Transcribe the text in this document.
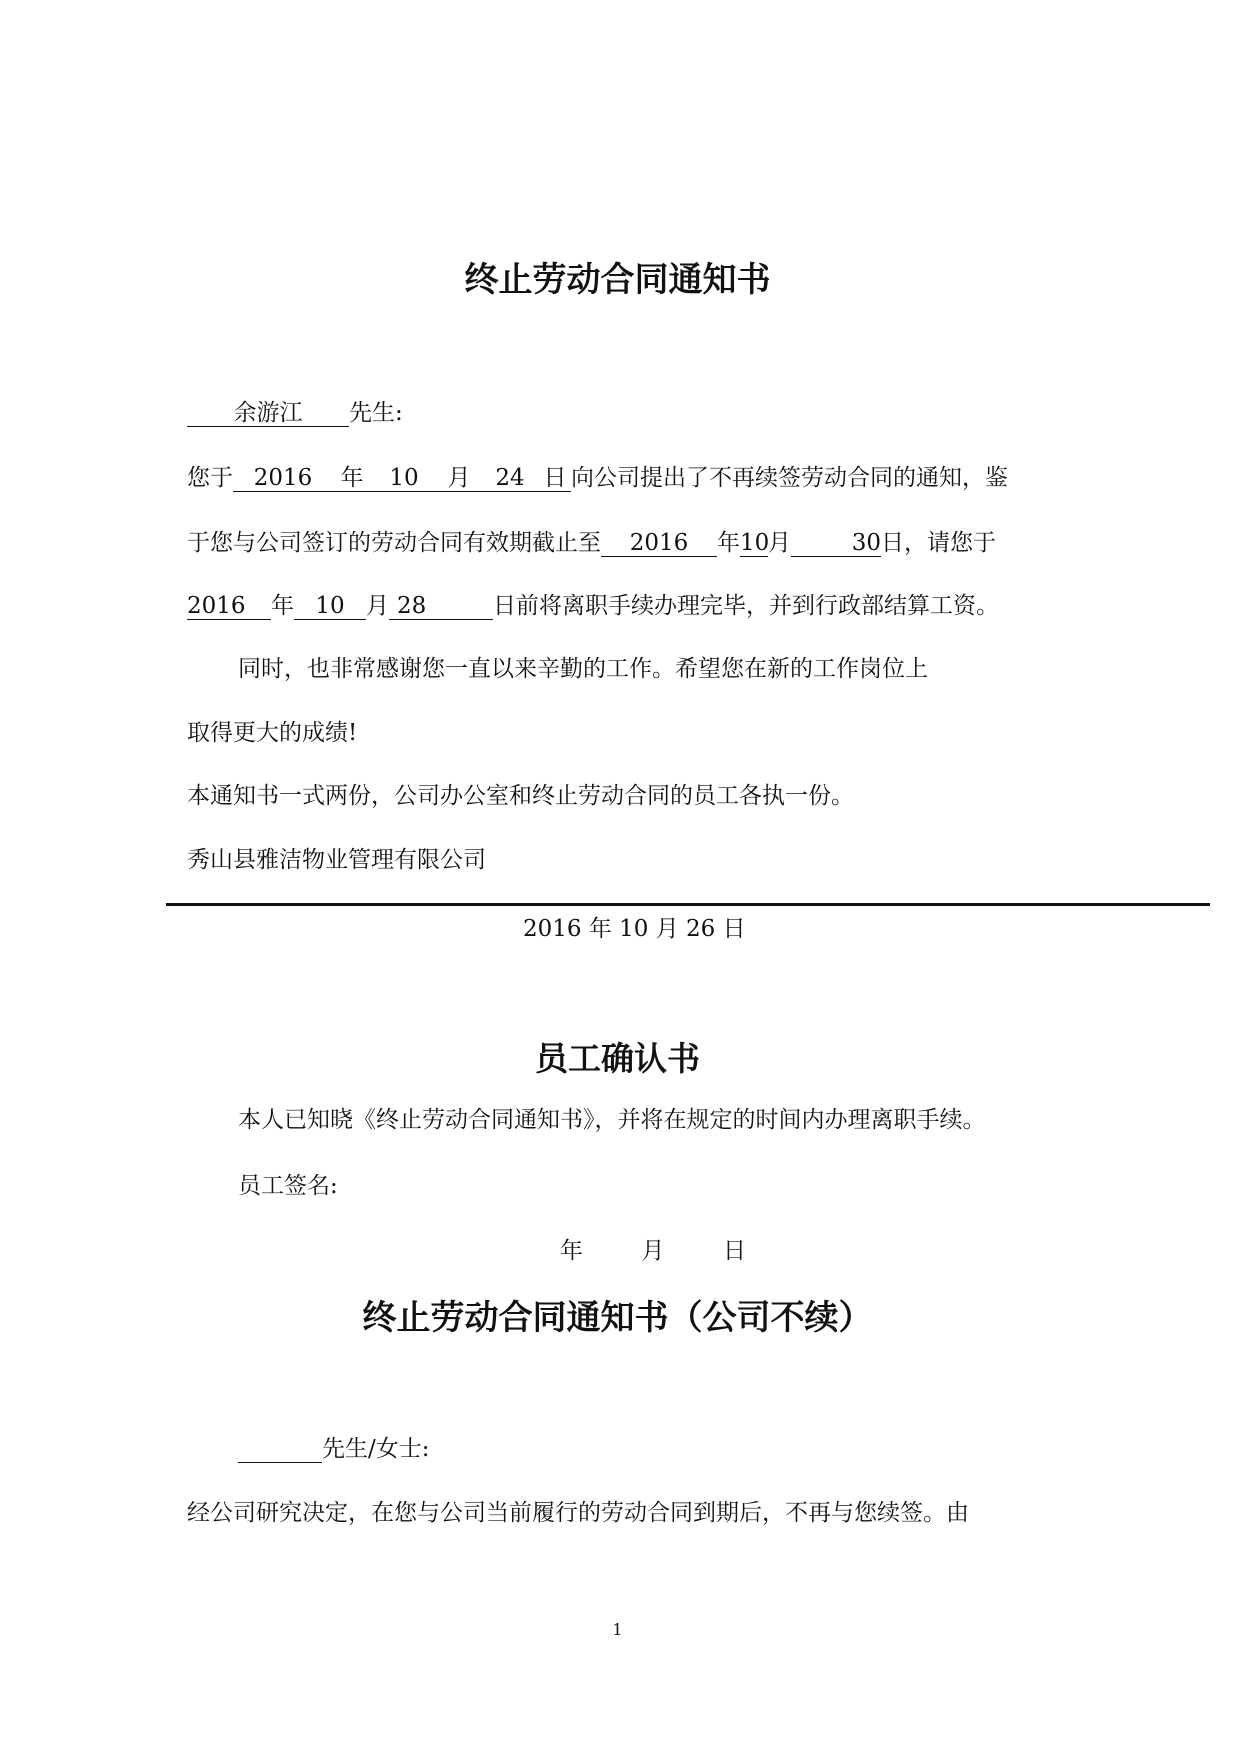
终止劳动合同通知书
余游江 先生:
您于 2016 年 10 月 24 日 向公司提出了不再续签劳动合同的通知，鉴
于您与公司签订的劳动合同有效期截止至 2016 年10月	30日，请您于
2016 年 10 月 28	日前将离职手续办理完毕，并到行政部结算工资。
同时，也非常感谢您一直以来辛勤的工作。希望您在新的工作岗位上
取得更大的成绩!
本通知书一式两份，公司办公室和终止劳动合同的员工各执一份。
秀山县雅洁物业管理有限公司
2016 年 10 月 26 日
员工确认书
本人已知晓《终止劳动合同通知书》，并将在规定的时间内办理离职手续。
员工签名:
年        月        日
终止劳动合同通知书（公司不续）
先生/女士:
经公司研究决定，在您与公司当前履行的劳动合同到期后，不再与您续签。由
1
